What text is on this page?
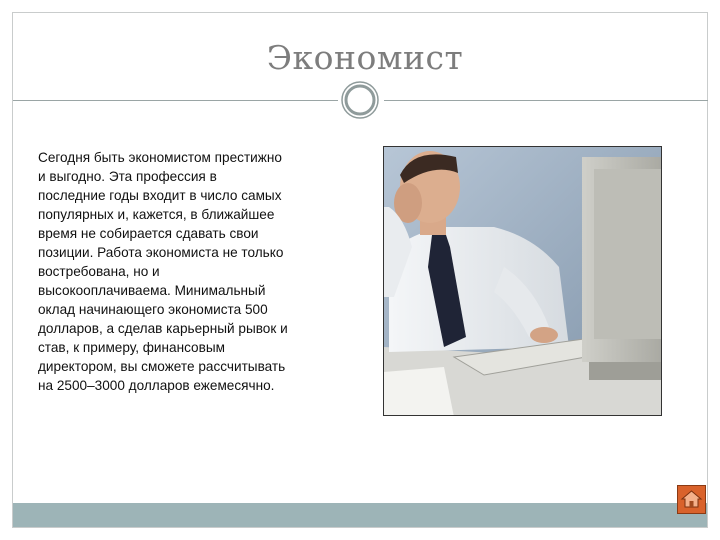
Экономист
Сегодня быть экономистом престижно и выгодно. Эта профессия в последние годы входит в число самых популярных и, кажется, в ближайшее время не собирается сдавать свои позиции. Работа экономиста не только востребована, но и высокооплачиваема. Минимальный оклад начинающего экономиста 500 долларов, а сделав карьерный рывок и став, к примеру, финансовым директором, вы сможете рассчитывать на 2500–3000 долларов ежемесячно.
